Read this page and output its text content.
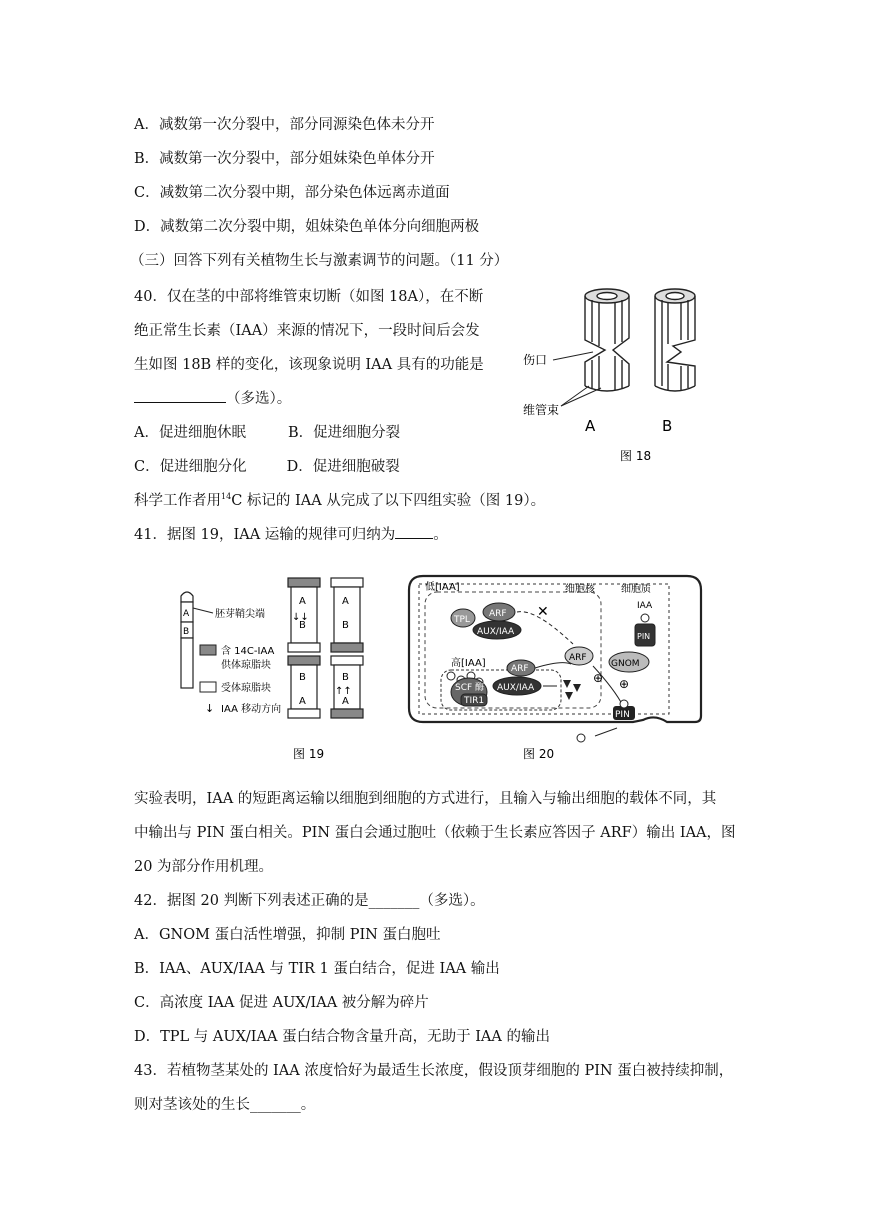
A．减数第一次分裂中，部分同源染色体未分开
B．减数第一次分裂中，部分姐妹染色单体分开
C．减数第二次分裂中期，部分染色体远离赤道面
D．减数第二次分裂中期，姐妹染色单体分向细胞两极
（三）回答下列有关植物生长与激素调节的问题。（11 分）
40．仅在茎的中部将维管束切断（如图 18A），在不断
绝正常生长素（IAA）来源的情况下，一段时间后会发
生如图 18B 样的变化，该现象说明 IAA 具有的功能是
（多选）。
A．促进细胞休眠	B．促进细胞分裂
C．促进细胞分化	D．促进细胞破裂
伤口
维管束
A	B
图 18
科学工作者用$^{14}$C 标记的 IAA 从完成了以下四组实验（图 19）。
41．据图 19，IAA 运输的规律可归纳为	。
A
B
胚芽鞘尖端
含 14C-IAA
供体琼脂块
受体琼脂块
↓ IAA 移动方向
A
B
↓↓
A
B
B
A
B
A
↑↑
图 19
低[IAA]	细胞核	细胞质
TPL
ARF
AUX/IAA
✕
ARF
⊕
高[IAA]
SCF 酶
TIR1
ARF
AUX/IAA
IAA
PIN
GNOM
⊕
PIN
图 20
实验表明，IAA 的短距离运输以细胞到细胞的方式进行，且输入与输出细胞的载体不同，其
中输出与 PIN 蛋白相关。PIN 蛋白会通过胞吐（依赖于生长素应答因子 ARF）输出 IAA，图
20 为部分作用机理。
42．据图 20 判断下列表述正确的是_______（多选）。
A．GNOM 蛋白活性增强，抑制 PIN 蛋白胞吐
B．IAA、AUX/IAA 与 TIR 1 蛋白结合，促进 IAA 输出
C．高浓度 IAA 促进 AUX/IAA 被分解为碎片
D．TPL 与 AUX/IAA 蛋白结合物含量升高，无助于 IAA 的输出
43．若植物茎某处的 IAA 浓度恰好为最适生长浓度，假设顶芽细胞的 PIN 蛋白被持续抑制，
则对茎该处的生长_______。
